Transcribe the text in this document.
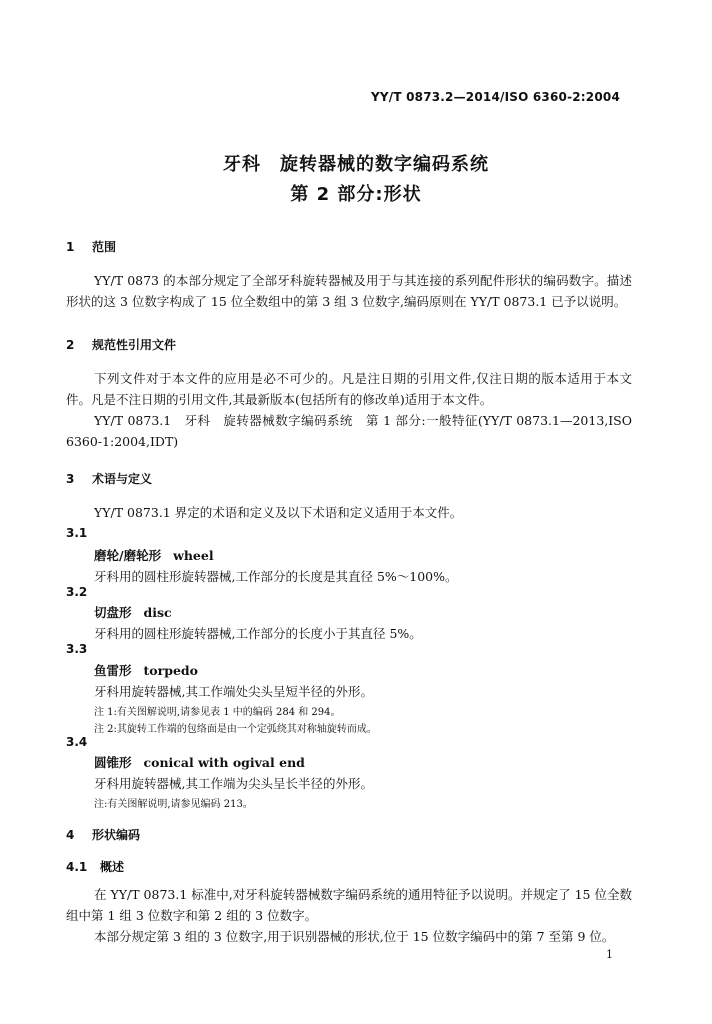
YY/T 0873.2—2014/ISO 6360-2:2004
牙科　旋转器械的数字编码系统
第 2 部分:形状
1 范围
YY/T 0873 的本部分规定了全部牙科旋转器械及用于与其连接的系列配件形状的编码数字。描述形状的这 3 位数字构成了 15 位全数组中的第 3 组 3 位数字,编码原则在 YY/T 0873.1 已予以说明。
2 规范性引用文件
下列文件对于本文件的应用是必不可少的。凡是注日期的引用文件,仅注日期的版本适用于本文件。凡是不注日期的引用文件,其最新版本(包括所有的修改单)适用于本文件。
YY/T 0873.1　牙科　旋转器械数字编码系统　第 1 部分:一般特征(YY/T 0873.1—2013,ISO 6360-1:2004,IDT)
3 术语与定义
YY/T 0873.1 界定的术语和定义及以下术语和定义适用于本文件。
3.1
磨轮/磨轮形 wheel
牙科用的圆柱形旋转器械,工作部分的长度是其直径 5%～100%。
3.2
切盘形 disc
牙科用的圆柱形旋转器械,工作部分的长度小于其直径 5%。
3.3
鱼雷形 torpedo
牙科用旋转器械,其工作端处尖头呈短半径的外形。
注 1:有关图解说明,请参见表 1 中的编码 284 和 294。
注 2:其旋转工作端的包络面是由一个定弧绕其对称轴旋转而成。
3.4
圆锥形 conical with ogival end
牙科用旋转器械,其工作端为尖头呈长半径的外形。
注:有关图解说明,请参见编码 213。
4 形状编码
4.1 概述
在 YY/T 0873.1 标准中,对牙科旋转器械数字编码系统的通用特征予以说明。并规定了 15 位全数组中第 1 组 3 位数字和第 2 组的 3 位数字。
本部分规定第 3 组的 3 位数字,用于识别器械的形状,位于 15 位数字编码中的第 7 至第 9 位。
1
